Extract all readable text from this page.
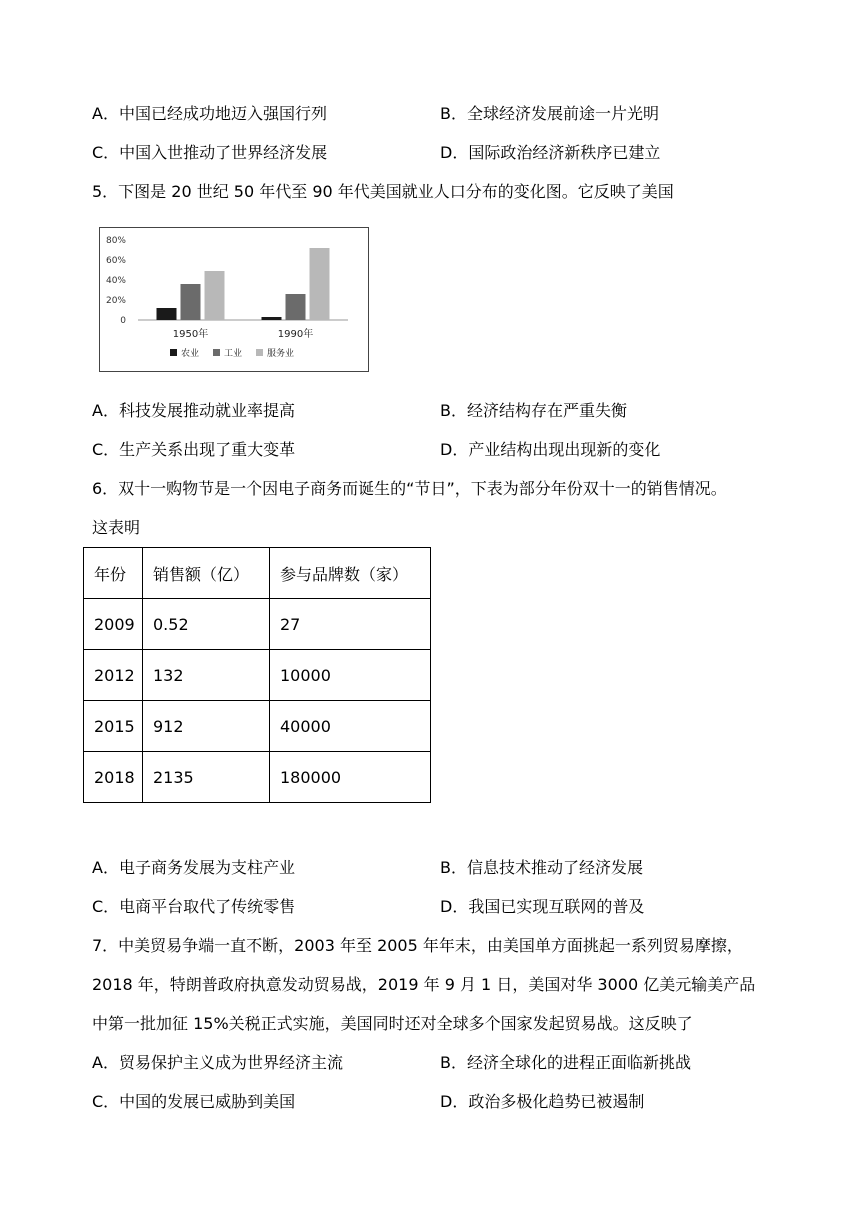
A．中国已经成功地迈入强国行列	B．全球经济发展前途一片光明
C．中国入世推动了世界经济发展	D．国际政治经济新秩序已建立
5．下图是 20 世纪 50 年代至 90 年代美国就业人口分布的变化图。它反映了美国
0
20%
40%
60%
80%
1950年	1990年
农业	工业	服务业
A．科技发展推动就业率提高	B．经济结构存在严重失衡
C．生产关系出现了重大变革	D．产业结构出现出现新的变化
6．双十一购物节是一个因电子商务而诞生的“节日”，下表为部分年份双十一的销售情况。
这表明
年份	销售额（亿）	参与品牌数（家）
2009	0.52	27
2012	132	10000
2015	912	40000
2018	2135	180000
A．电子商务发展为支柱产业	B．信息技术推动了经济发展
C．电商平台取代了传统零售	D．我国已实现互联网的普及
7．中美贸易争端一直不断，2003 年至 2005 年年末，由美国单方面挑起一系列贸易摩擦，
2018 年，特朗普政府执意发动贸易战，2019 年 9 月 1 日，美国对华 3000 亿美元输美产品
中第一批加征 15%关税正式实施，美国同时还对全球多个国家发起贸易战。这反映了
A．贸易保护主义成为世界经济主流	B．经济全球化的进程正面临新挑战
C．中国的发展已威胁到美国	D．政治多极化趋势已被遏制
